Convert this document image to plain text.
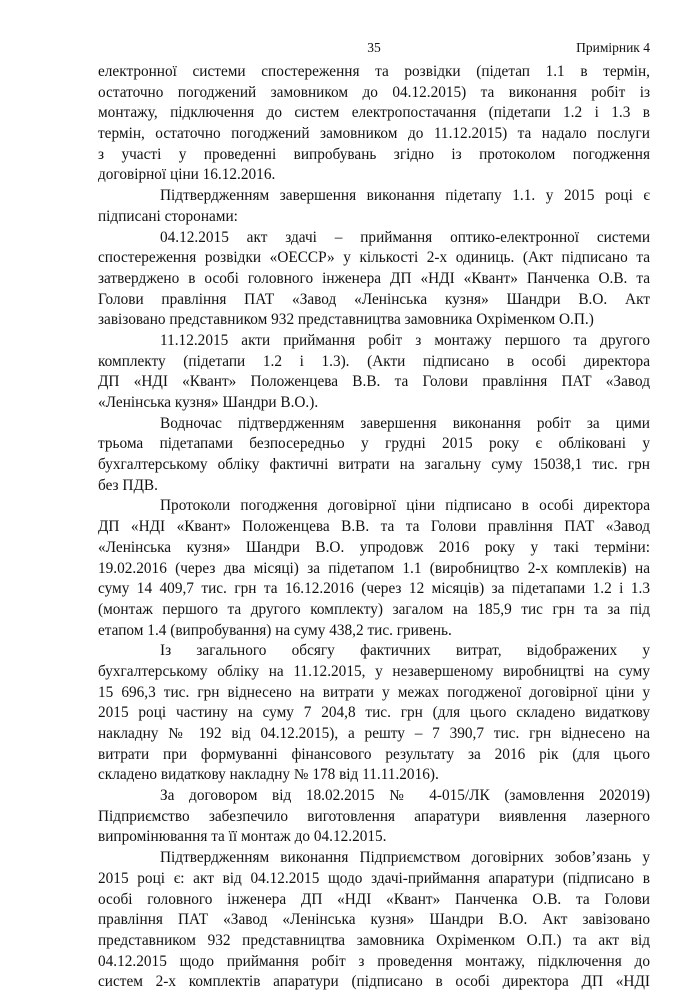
35	Примірник 4
електронної системи спостереження та розвідки (підетап 1.1 в термін,
остаточно погоджений замовником до 04.12.2015) та виконання робіт із
монтажу, підключення до систем електропостачання (підетапи 1.2 і 1.3 в
термін, остаточно погоджений замовником до 11.12.2015) та надало послуги
з участі у проведенні випробувань згідно із протоколом погодження
договірної ціни 16.12.2016.
Підтвердженням завершення виконання підетапу 1.1. у 2015 році є
підписані сторонами:
04.12.2015 акт здачі – приймання оптико-електронної системи
спостереження розвідки «ОЕССР» у кількості 2-х одиниць. (Акт підписано та
затверджено в особі головного інженера ДП «НДІ «Квант» Панченка О.В. та
Голови правління ПАТ «Завод «Ленінська кузня» Шандри В.О. Акт
завізовано представником 932 представництва замовника Охріменком О.П.)
11.12.2015 акти приймання робіт з монтажу першого та другого
комплекту (підетапи 1.2 і 1.3). (Акти підписано в особі директора
ДП «НДІ «Квант» Положенцева В.В. та Голови правління ПАТ «Завод
«Ленінська кузня» Шандри В.О.).
Водночас підтвердженням завершення виконання робіт за цими
трьома підетапами безпосередньо у грудні 2015 року є обліковані у
бухгалтерському обліку фактичні витрати на загальну суму 15038,1 тис. грн
без ПДВ.
Протоколи погодження договірної ціни підписано в особі директора
ДП «НДІ «Квант» Положенцева В.В. та та Голови правління ПАТ «Завод
«Ленінська кузня» Шандри В.О. упродовж 2016 року у такі терміни:
19.02.2016 (через два місяці) за підетапом 1.1 (виробництво 2-х комплеків) на
суму 14 409,7 тис. грн та 16.12.2016 (через 12 місяців) за підетапами 1.2 і 1.3
(монтаж першого та другого комплекту) загалом на 185,9 тис грн та за під
етапом 1.4 (випробування) на суму 438,2 тис. гривень.
Із загального обсягу фактичних витрат, відображених у
бухгалтерському обліку на 11.12.2015, у незавершеному виробництві на суму
15 696,3 тис. грн віднесено на витрати у межах погодженої договірної ціни у
2015 році частину на суму 7 204,8 тис. грн (для цього складено видаткову
накладну № 192 від 04.12.2015), а решту – 7 390,7 тис. грн віднесено на
витрати при формуванні фінансового результату за 2016 рік (для цього
складено видаткову накладну № 178 від 11.11.2016).
За договором від 18.02.2015 № 4-015/ЛК (замовлення 202019)
Підприємство забезпечило виготовлення апаратури виявлення лазерного
випромінювання та її монтаж до 04.12.2015.
Підтвердженням виконання Підприємством договірних зобов’язань у
2015 році є: акт від 04.12.2015 щодо здачі-приймання апаратури (підписано в
особі головного інженера ДП «НДІ «Квант» Панченка О.В. та Голови
правління ПАТ «Завод «Ленінська кузня» Шандри В.О. Акт завізовано
представником 932 представництва замовника Охріменком О.П.) та акт від
04.12.2015 щодо приймання робіт з проведення монтажу, підключення до
систем 2-х комплектів апаратури (підписано в особі директора ДП «НДІ
